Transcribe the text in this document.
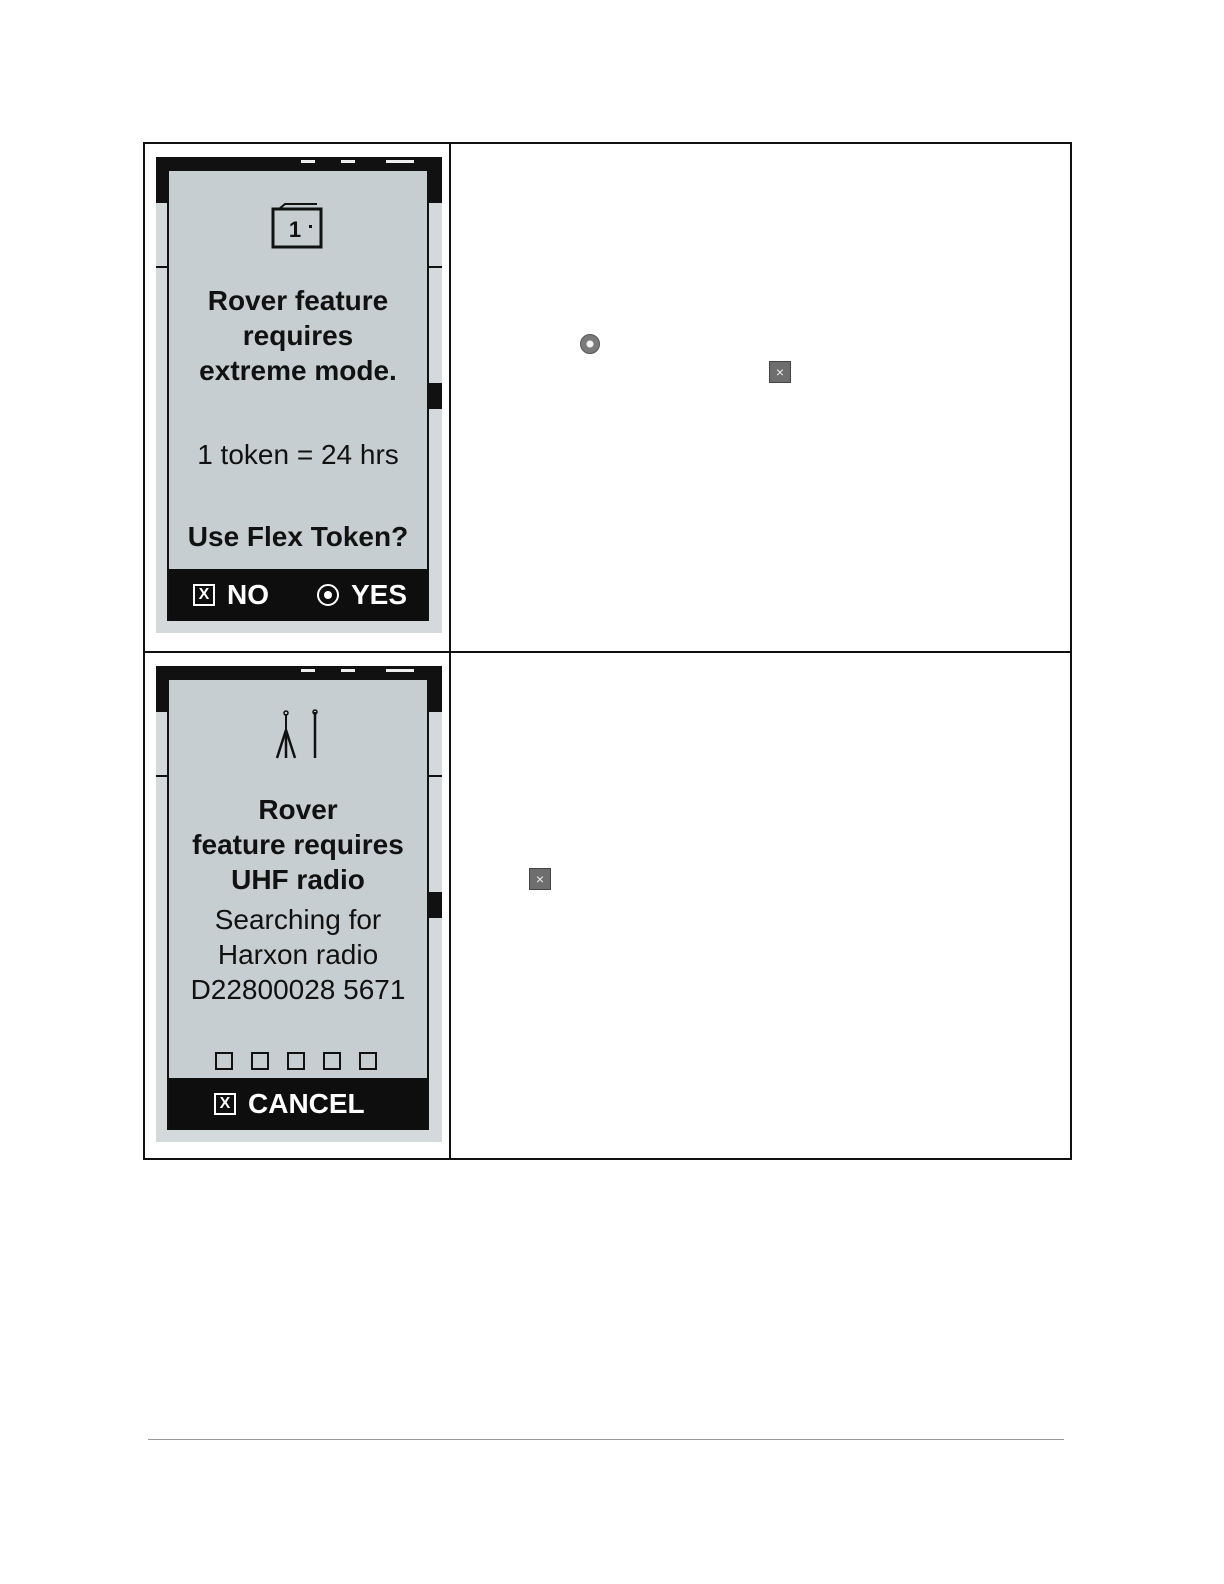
1
Rover feature
requires
extreme mode.
1 token = 24 hrs
Use Flex Token?
X NO	YES
×
Rover
feature requires
UHF radio
Searching for
Harxon radio
D22800028 5671
X CANCEL
×
